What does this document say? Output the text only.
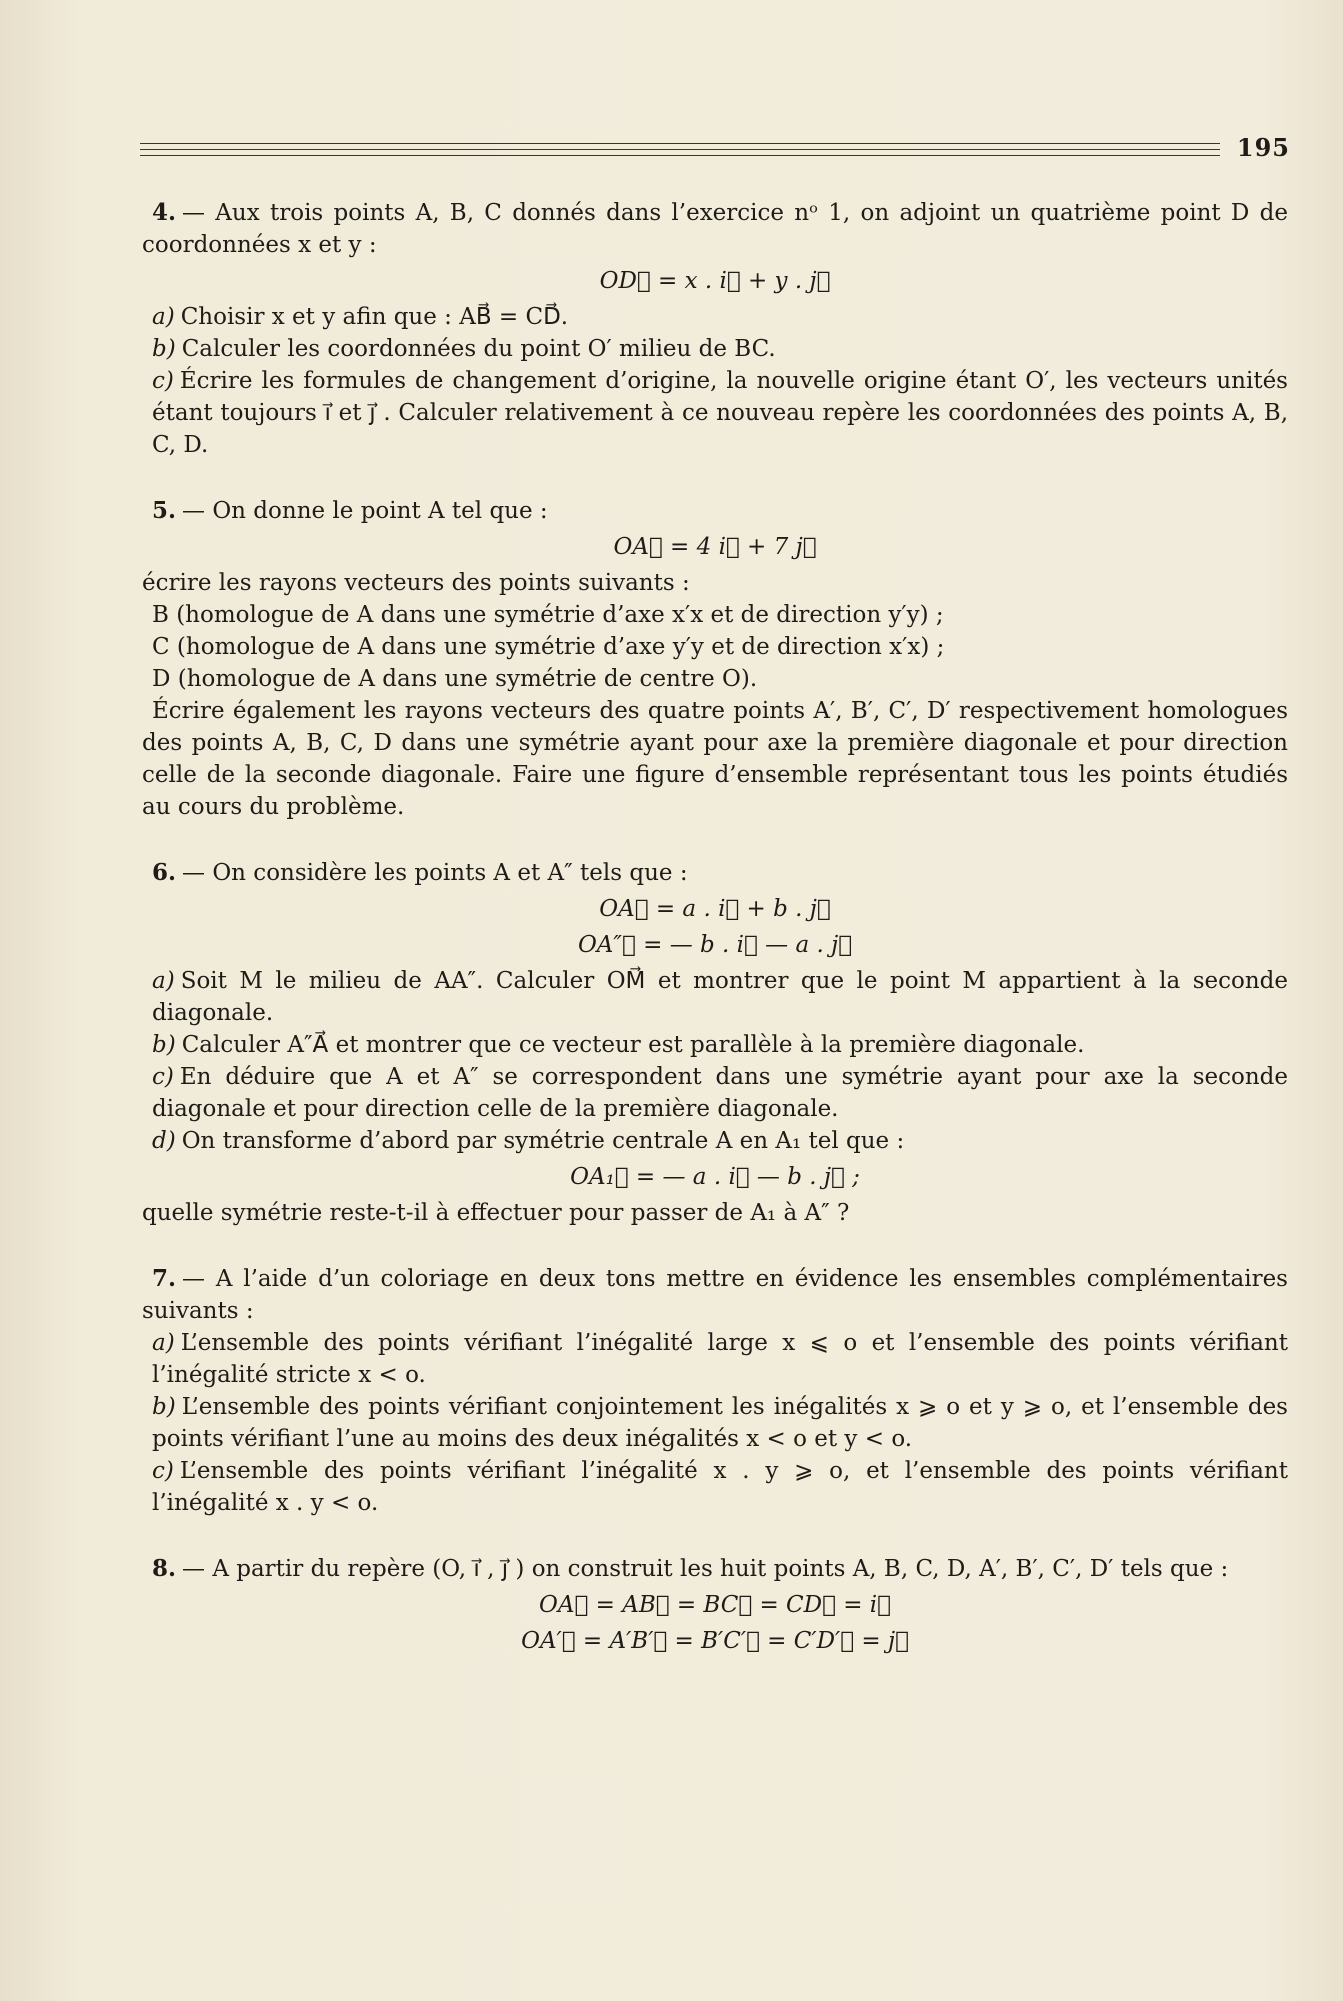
195

4. — Aux trois points A, B, C donnés dans l’exercice nᵒ 1, on adjoint un quatrième point D de coordonnées x et y :

OD⃗ = x . i⃗ + y . j⃗

a) Choisir x et y afin que : AB⃗ = CD⃗.

b) Calculer les coordonnées du point O′ milieu de BC.

c) Écrire les formules de changement d’origine, la nouvelle origine étant O′, les vecteurs unités étant toujours i⃗ et j⃗ . Calculer relativement à ce nouveau repère les coordonnées des points A, B, C, D.

5. — On donne le point A tel que :

OA⃗ = 4 i⃗ + 7 j⃗

écrire les rayons vecteurs des points suivants :

B (homologue de A dans une symétrie d’axe x′x et de direction y′y) ;

C (homologue de A dans une symétrie d’axe y′y et de direction x′x) ;

D (homologue de A dans une symétrie de centre O).

Écrire également les rayons vecteurs des quatre points A′, B′, C′, D′ respectivement homologues des points A, B, C, D dans une symétrie ayant pour axe la première diagonale et pour direction celle de la seconde diagonale. Faire une figure d’ensemble représentant tous les points étudiés au cours du problème.

6. — On considère les points A et A″ tels que :

OA⃗ = a . i⃗ + b . j⃗
OA″⃗ = — b . i⃗ — a . j⃗

a) Soit M le milieu de AA″. Calculer OM⃗ et montrer que le point M appartient à la seconde diagonale.

b) Calculer A″A⃗ et montrer que ce vecteur est parallèle à la première diagonale.

c) En déduire que A et A″ se correspondent dans une symétrie ayant pour axe la seconde diagonale et pour direction celle de la première diagonale.

d) On transforme d’abord par symétrie centrale A en A₁ tel que :

OA₁⃗ = — a . i⃗ — b . j⃗ ;

quelle symétrie reste-t-il à effectuer pour passer de A₁ à A″ ?

7. — A l’aide d’un coloriage en deux tons mettre en évidence les ensembles complémentaires suivants :

a) L’ensemble des points vérifiant l’inégalité large x ⩽ o et l’ensemble des points vérifiant l’inégalité stricte x < o.

b) L’ensemble des points vérifiant conjointement les inégalités x ⩾ o et y ⩾ o, et l’ensemble des points vérifiant l’une au moins des deux inégalités x < o et y < o.

c) L’ensemble des points vérifiant l’inégalité x . y ⩾ o, et l’ensemble des points vérifiant l’inégalité x . y < o.

8. — A partir du repère (O, i⃗ , j⃗ ) on construit les huit points A, B, C, D, A′, B′, C′, D′ tels que :

OA⃗ = AB⃗ = BC⃗ = CD⃗ = i⃗
OA′⃗ = A′B′⃗ = B′C′⃗ = C′D′⃗ = j⃗
